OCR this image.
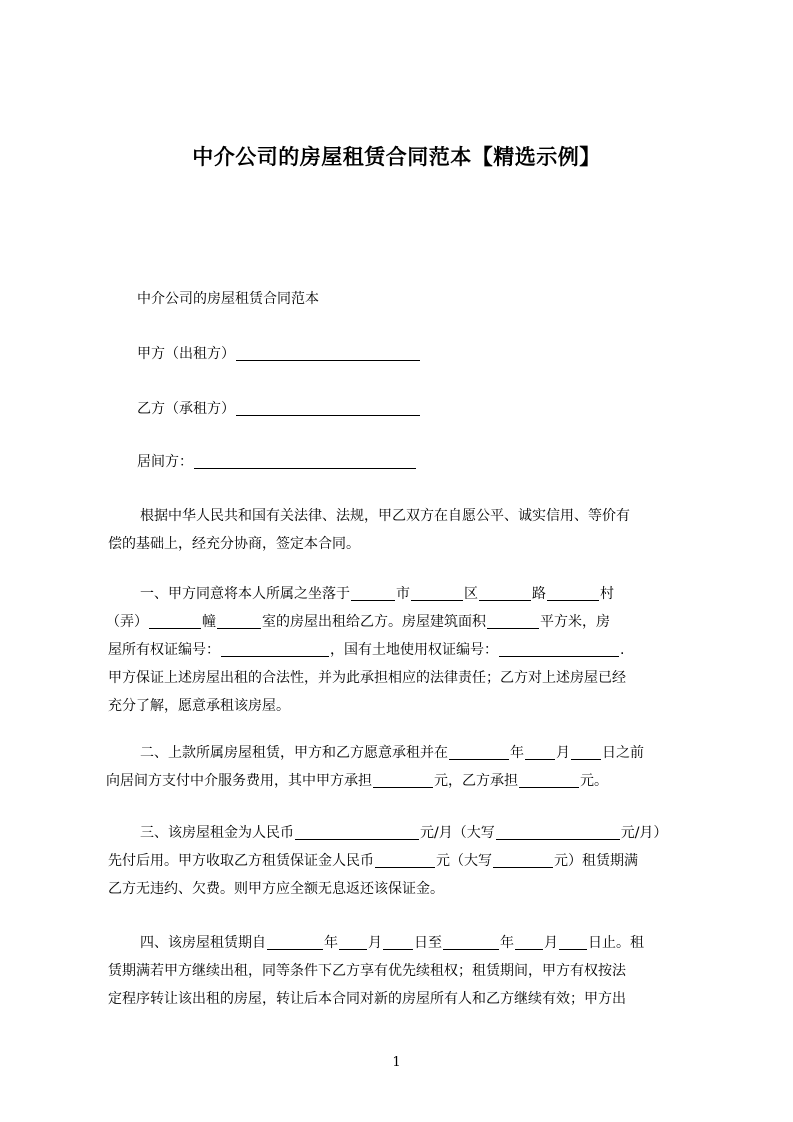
中介公司的房屋租赁合同范本【精选示例】
中介公司的房屋租赁合同范本
甲方（出租方）
乙方（承租方）
居间方：
根据中华人民共和国有关法律、法规，甲乙双方在自愿公平、诚实信用、等价有
偿的基础上，经充分协商，签定本合同。
一、甲方同意将本人所属之坐落于	市	区	路	村
（弄）	幢	室的房屋出租给乙方。房屋建筑面积	平方米，房
屋所有权证编号：	，国有土地使用权证编号：	.
甲方保证上述房屋出租的合法性，并为此承担相应的法律责任；乙方对上述房屋已经
充分了解，愿意承租该房屋。
二、上款所属房屋租赁，甲方和乙方愿意承租并在	年 月 日之前
向居间方支付中介服务费用，其中甲方承担	元，乙方承担	元。
三、该房屋租金为人民币	元/月（大写	元/月）
先付后用。甲方收取乙方租赁保证金人民币	元（大写	元）租赁期满
乙方无违约、欠费。则甲方应全额无息返还该保证金。
四、该房屋租赁期自	年 月 日至	年 月 日止。租
赁期满若甲方继续出租，同等条件下乙方享有优先续租权；租赁期间，甲方有权按法
定程序转让该出租的房屋，转让后本合同对新的房屋所有人和乙方继续有效；甲方出
1
